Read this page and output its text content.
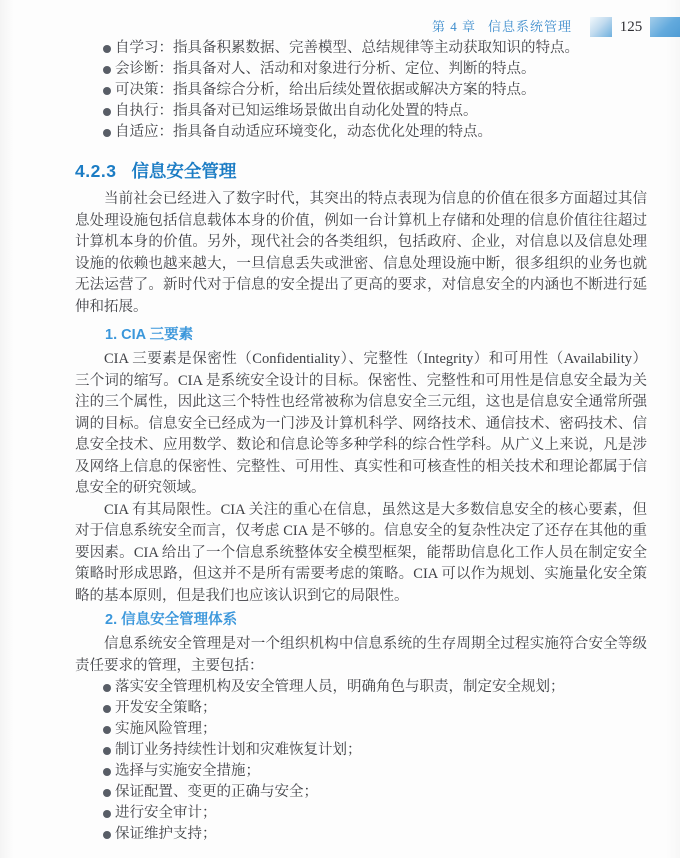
第 4 章 信息系统管理	125
自学习：指具备积累数据、完善模型、总结规律等主动获取知识的特点。
会诊断：指具备对人、活动和对象进行分析、定位、判断的特点。
可决策：指具备综合分析，给出后续处置依据或解决方案的特点。
自执行：指具备对已知运维场景做出自动化处置的特点。
自适应：指具备自动适应环境变化，动态优化处理的特点。
4.2.3 信息安全管理

当前社会已经进入了数字时代，其突出的特点表现为信息的价值在很多方面超过其信息处理设施包括信息载体本身的价值，例如一台计算机上存储和处理的信息价值往往超过计算机本身的价值。另外，现代社会的各类组织，包括政府、企业，对信息以及信息处理设施的依赖也越来越大，一旦信息丢失或泄密、信息处理设施中断，很多组织的业务也就无法运营了。新时代对于信息的安全提出了更高的要求，对信息安全的内涵也不断进行延伸和拓展。

1. CIA 三要素

CIA 三要素是保密性（Confidentiality）、完整性（Integrity）和可用性（Availability）三个词的缩写。CIA 是系统安全设计的目标。保密性、完整性和可用性是信息安全最为关注的三个属性，因此这三个特性也经常被称为信息安全三元组，这也是信息安全通常所强调的目标。信息安全已经成为一门涉及计算机科学、网络技术、通信技术、密码技术、信息安全技术、应用数学、数论和信息论等多种学科的综合性学科。从广义上来说，凡是涉及网络上信息的保密性、完整性、可用性、真实性和可核查性的相关技术和理论都属于信息安全的研究领域。

CIA 有其局限性。CIA 关注的重心在信息，虽然这是大多数信息安全的核心要素，但对于信息系统安全而言，仅考虑 CIA 是不够的。信息安全的复杂性决定了还存在其他的重要因素。CIA 给出了一个信息系统整体安全模型框架，能帮助信息化工作人员在制定安全策略时形成思路，但这并不是所有需要考虑的策略。CIA 可以作为规划、实施量化安全策略的基本原则，但是我们也应该认识到它的局限性。

2. 信息安全管理体系

信息系统安全管理是对一个组织机构中信息系统的生存周期全过程实施符合安全等级责任要求的管理，主要包括：

落实安全管理机构及安全管理人员，明确角色与职责，制定安全规划；
开发安全策略；
实施风险管理；
制订业务持续性计划和灾难恢复计划；
选择与实施安全措施；
保证配置、变更的正确与安全；
进行安全审计；
保证维护支持；
